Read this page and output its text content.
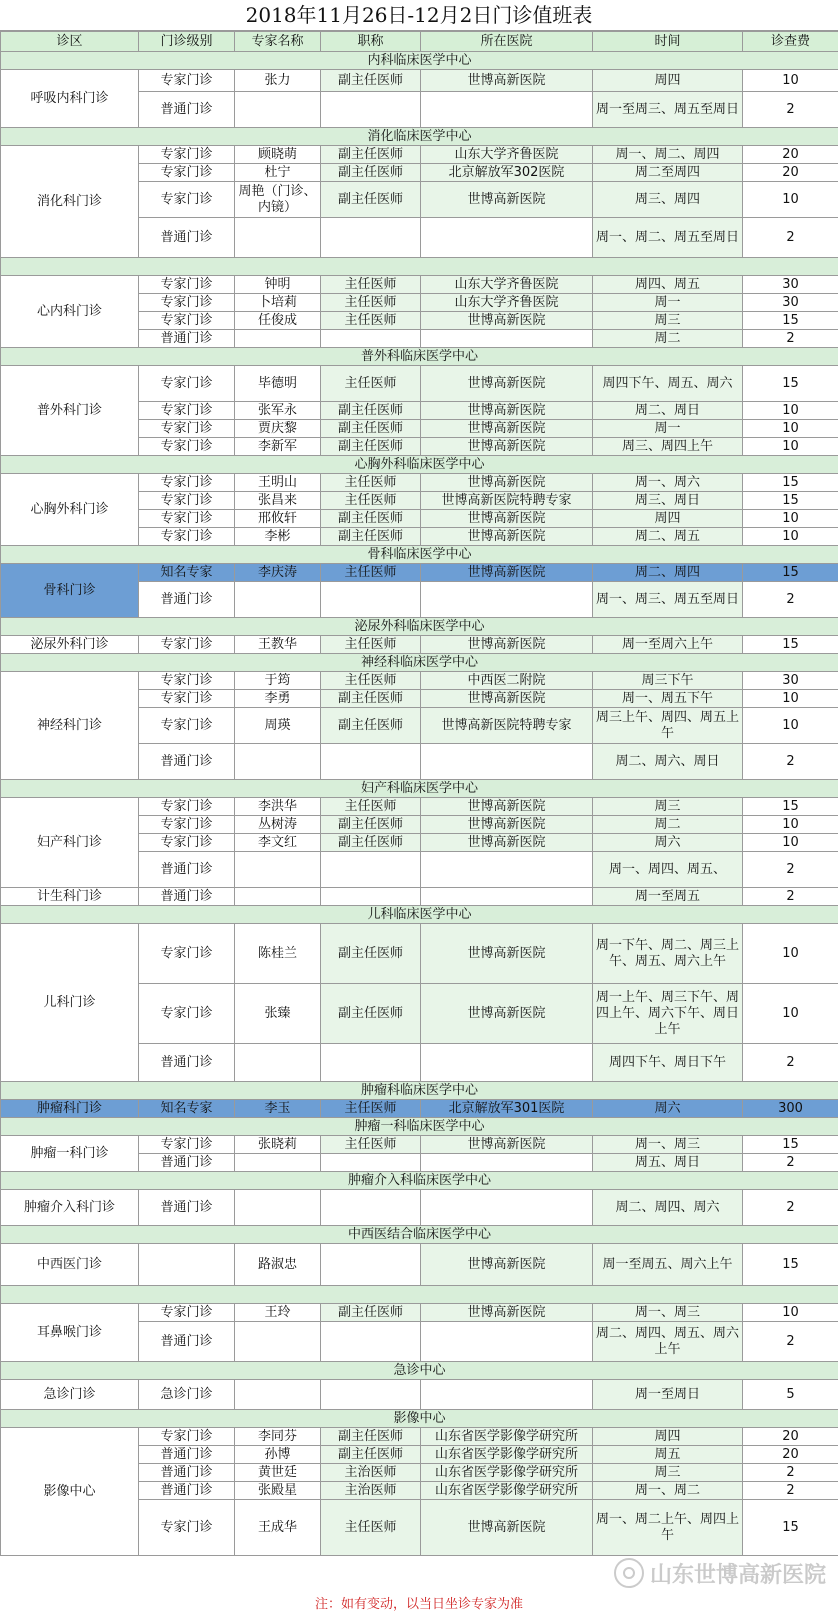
2018年11月26日-12月2日门诊值班表
诊区	门诊级别	专家名称	职称	所在医院	时间	诊查费
内科临床医学中心						
呼吸内科门诊	专家门诊	张力	副主任医师	世博高新医院	周四	10
	普通门诊				周一至周三、周五至周日	2
消化临床医学中心						
消化科门诊	专家门诊	顾晓萌	副主任医师	山东大学齐鲁医院	周一、周二、周四	20
	专家门诊	杜宁	副主任医师	北京解放军302医院	周二至周四	20
	专家门诊	周艳（门诊、内镜）	副主任医师	世博高新医院	周三、周四	10
	普通门诊				周一、周二、周五至周日	2

心内科门诊	专家门诊	钟明	主任医师	山东大学齐鲁医院	周四、周五	30
	专家门诊	卜培莉	主任医师	山东大学齐鲁医院	周一	30
	专家门诊	任俊成	主任医师	世博高新医院	周三	15
	普通门诊				周二	2
普外科临床医学中心						
普外科门诊	专家门诊	毕德明	主任医师	世博高新医院	周四下午、周五、周六	15
	专家门诊	张军永	副主任医师	世博高新医院	周二、周日	10
	专家门诊	贾庆黎	副主任医师	世博高新医院	周一	10
	专家门诊	李新军	副主任医师	世博高新医院	周三、周四上午	10
心胸外科临床医学中心						
心胸外科门诊	专家门诊	王明山	主任医师	世博高新医院	周一、周六	15
	专家门诊	张昌来	主任医师	世博高新医院特聘专家	周三、周日	15
	专家门诊	邢攸轩	副主任医师	世博高新医院	周四	10
	专家门诊	李彬	副主任医师	世博高新医院	周二、周五	10
骨科临床医学中心						
骨科门诊	知名专家	李庆涛	主任医师	世博高新医院	周二、周四	15
	普通门诊				周一、周三、周五至周日	2
泌尿外科临床医学中心						
泌尿外科门诊	专家门诊	王教华	主任医师	世博高新医院	周一至周六上午	15
神经科临床医学中心						
神经科门诊	专家门诊	于筠	主任医师	中西医二附院	周三下午	30
	专家门诊	李勇	副主任医师	世博高新医院	周一、周五下午	10
	专家门诊	周瑛	副主任医师	世博高新医院特聘专家	周三上午、周四、周五上午	10
	普通门诊				周二、周六、周日	2
妇产科临床医学中心						
妇产科门诊	专家门诊	李洪华	主任医师	世博高新医院	周三	15
	专家门诊	丛树涛	副主任医师	世博高新医院	周二	10
	专家门诊	李文红	副主任医师	世博高新医院	周六	10
	普通门诊				周一、周四、周五、	2
计生科门诊	普通门诊				周一至周五	2
儿科临床医学中心						
儿科门诊	专家门诊	陈桂兰	副主任医师	世博高新医院	周一下午、周二、周三上午、周五、周六上午	10
	专家门诊	张臻	副主任医师	世博高新医院	周一上午、周三下午、周四上午、周六下午、周日上午	10
	普通门诊				周四下午、周日下午	2
肿瘤科临床医学中心						
肿瘤科门诊	知名专家	李玉	主任医师	北京解放军301医院	周六	300
肿瘤一科临床医学中心						
肿瘤一科门诊	专家门诊	张晓莉	主任医师	世博高新医院	周一、周三	15
	普通门诊				周五、周日	2
肿瘤介入科临床医学中心						
肿瘤介入科门诊	普通门诊				周二、周四、周六	2
中西医结合临床医学中心						
中西医门诊		路淑忠		世博高新医院	周一至周五、周六上午	15

耳鼻喉门诊	专家门诊	王玲	副主任医师	世博高新医院	周一、周三	10
	普通门诊				周二、周四、周五、周六上午	2
急诊中心						
急诊门诊	急诊门诊				周一至周日	5
影像中心						
影像中心	专家门诊	李同芬	副主任医师	山东省医学影像学研究所	周四	20
	普通门诊	孙博	副主任医师	山东省医学影像学研究所	周五	20
	普通门诊	黄世廷	主治医师	山东省医学影像学研究所	周三	2
	普通门诊	张殿星	主治医师	山东省医学影像学研究所	周一、周二	2
	专家门诊	王成华	主任医师	世博高新医院	周一、周二上午、周四上午	15
山东世博高新医院
注：如有变动，以当日坐诊专家为准
